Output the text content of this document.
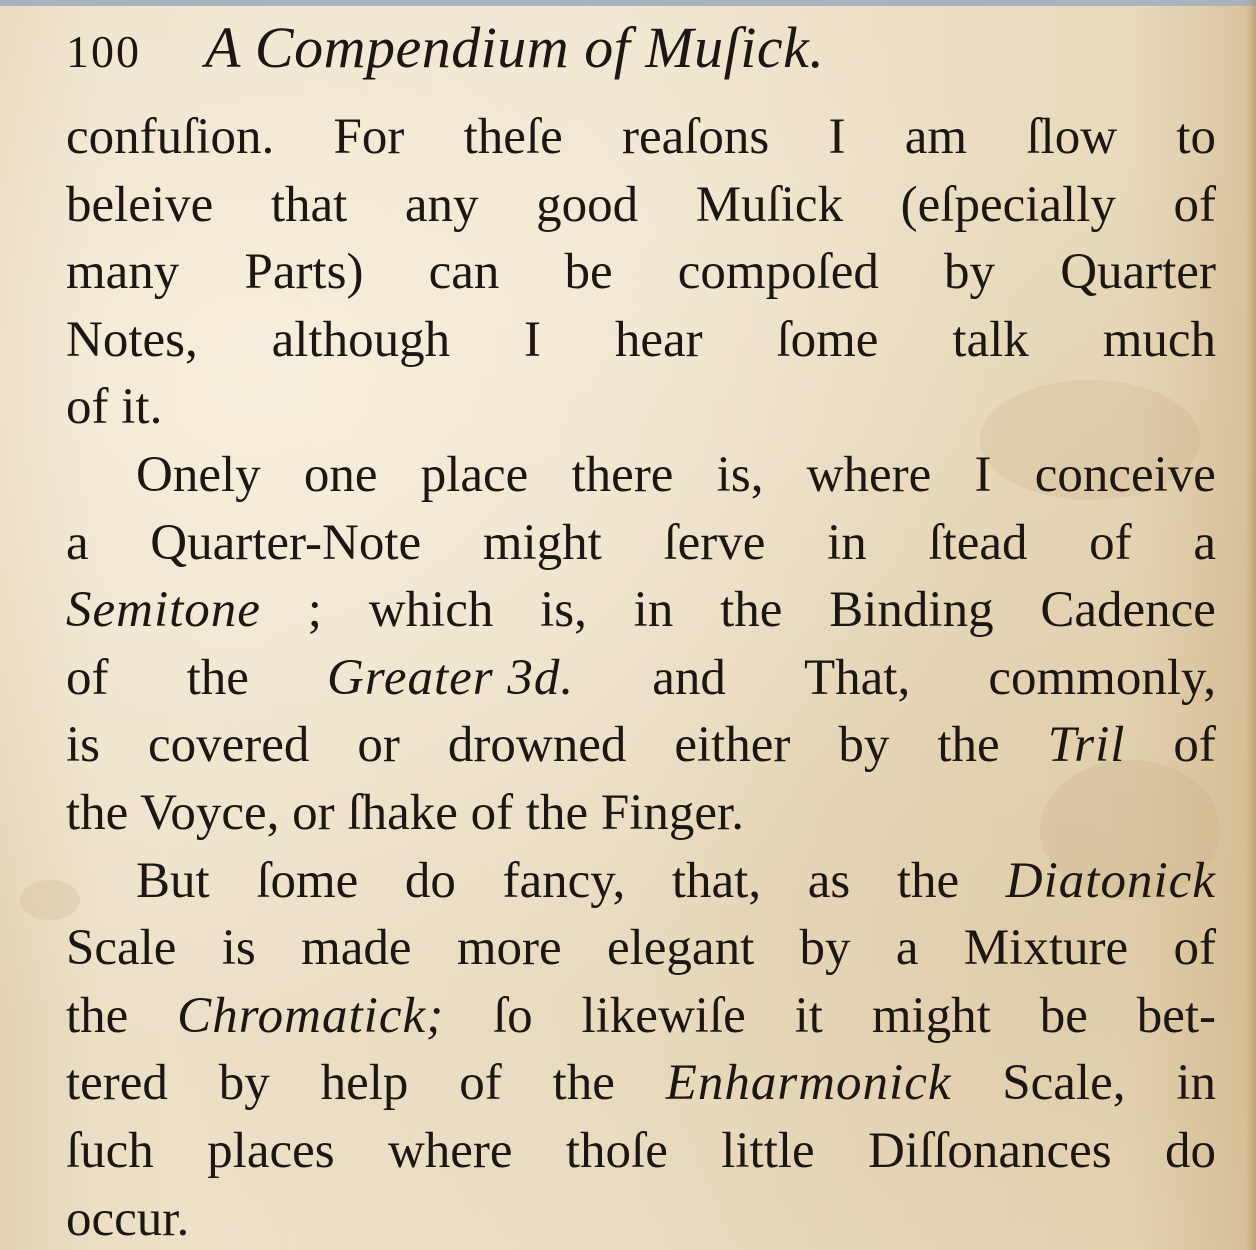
100 A Compendium of Muſick.
confuſion. For theſe reaſons I am ſlow to
beleive that any good Muſick (eſpecially of
many Parts) can be compoſed by Quarter
Notes, although I hear ſome talk much
of it.
Onely one place there is, where I conceive
a Quarter-Note might ſerve in ſtead of a
Semitone ; which is, in the Binding Cadence
of the Greater 3d. and That, commonly,
is covered or drowned either by the Tril of
the Voyce, or ſhake of the Finger.
But ſome do fancy, that, as the Diatonick
Scale is made more elegant by a Mixture of
the Chromatick; ſo likewiſe it might be bet-
tered by help of the Enharmonick Scale, in
ſuch places where thoſe little Diſſonances do
occur.
